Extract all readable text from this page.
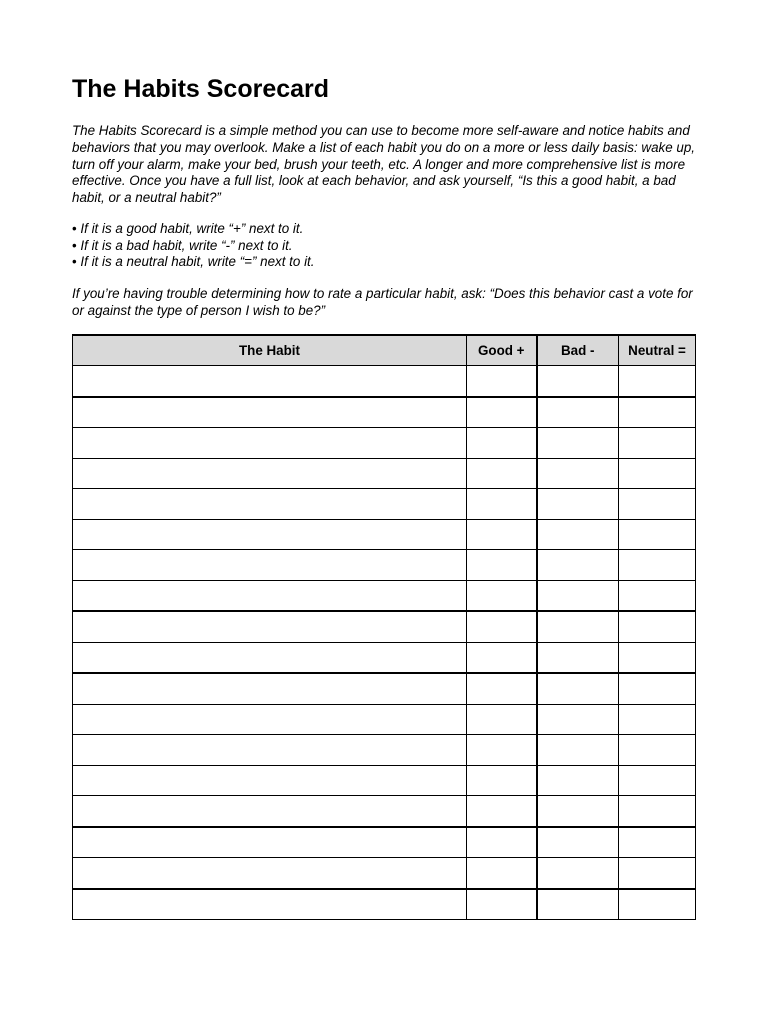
The Habits Scorecard

The Habits Scorecard is a simple method you can use to become more self-aware and notice habits and behaviors that you may overlook. Make a list of each habit you do on a more or less daily basis: wake up, turn off your alarm, make your bed, brush your teeth, etc. A longer and more comprehensive list is more effective. Once you have a full list, look at each behavior, and ask yourself, “Is this a good habit, a bad habit, or a neutral habit?”

• If it is a good habit, write “+” next to it.
• If it is a bad habit, write “-” next to it.
• If it is a neutral habit, write “=” next to it.

If you’re having trouble determining how to rate a particular habit, ask: “Does this behavior cast a vote for or against the type of person I wish to be?”

The Habit	Good +	Bad -	Neutral =
